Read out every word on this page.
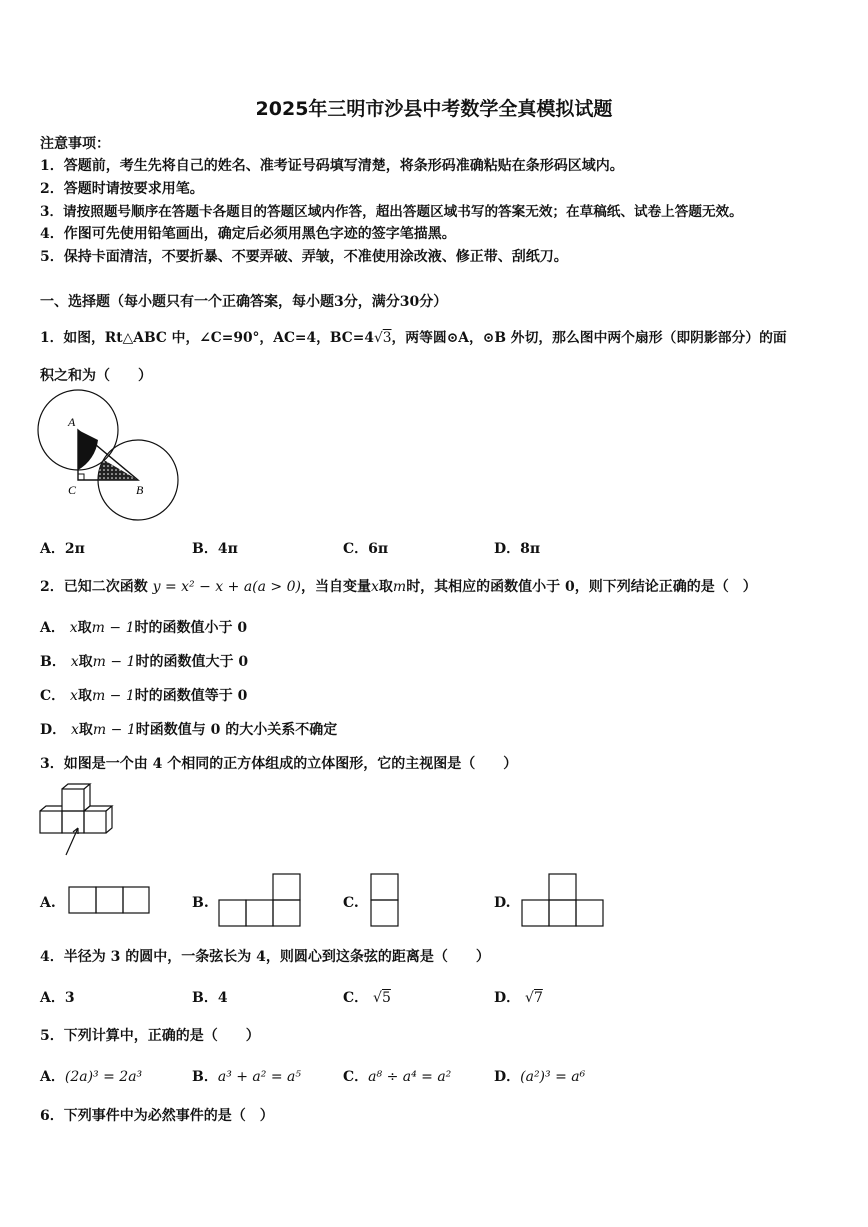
2025年三明市沙县中考数学全真模拟试题
注意事项：
1．答题前，考生先将自己的姓名、准考证号码填写清楚，将条形码准确粘贴在条形码区域内。
2．答题时请按要求用笔。
3．请按照题号顺序在答题卡各题目的答题区域内作答，超出答题区域书写的答案无效；在草稿纸、试卷上答题无效。
4．作图可先使用铅笔画出，确定后必须用黑色字迹的签字笔描黑。
5．保持卡面清洁，不要折暴、不要弄破、弄皱，不准使用涂改液、修正带、刮纸刀。
一、选择题（每小题只有一个正确答案，每小题3分，满分30分）
1．如图，Rt△ABC 中，∠C=90°，AC=4，BC=4√3，两等圆⊙A，⊙B 外切，那么图中两个扇形（即阴影部分）的面
积之和为（　　）
A
C	B
A．2π	B．4π	C．6π	D．8π
2．已知二次函数 y = x² − x + a(a > 0)，当自变量x取m时，其相应的函数值小于 0，则下列结论正确的是（　）
A． x取m − 1时的函数值小于 0
B． x取m − 1时的函数值大于 0
C． x取m − 1时的函数值等于 0
D． x取m − 1时函数值与 0 的大小关系不确定
3．如图是一个由 4 个相同的正方体组成的立体图形，它的主视图是（　　）
A.	B.	C.	D.
4．半径为 3 的圆中，一条弦长为 4，则圆心到这条弦的距离是（　　）
A．3	B．4	C． √5	D． √7
5．下列计算中，正确的是（　　）
A．(2a)³ = 2a³	B．a³ + a² = a⁵	C．a⁸ ÷ a⁴ = a²	D．(a²)³ = a⁶
6．下列事件中为必然事件的是（　）
